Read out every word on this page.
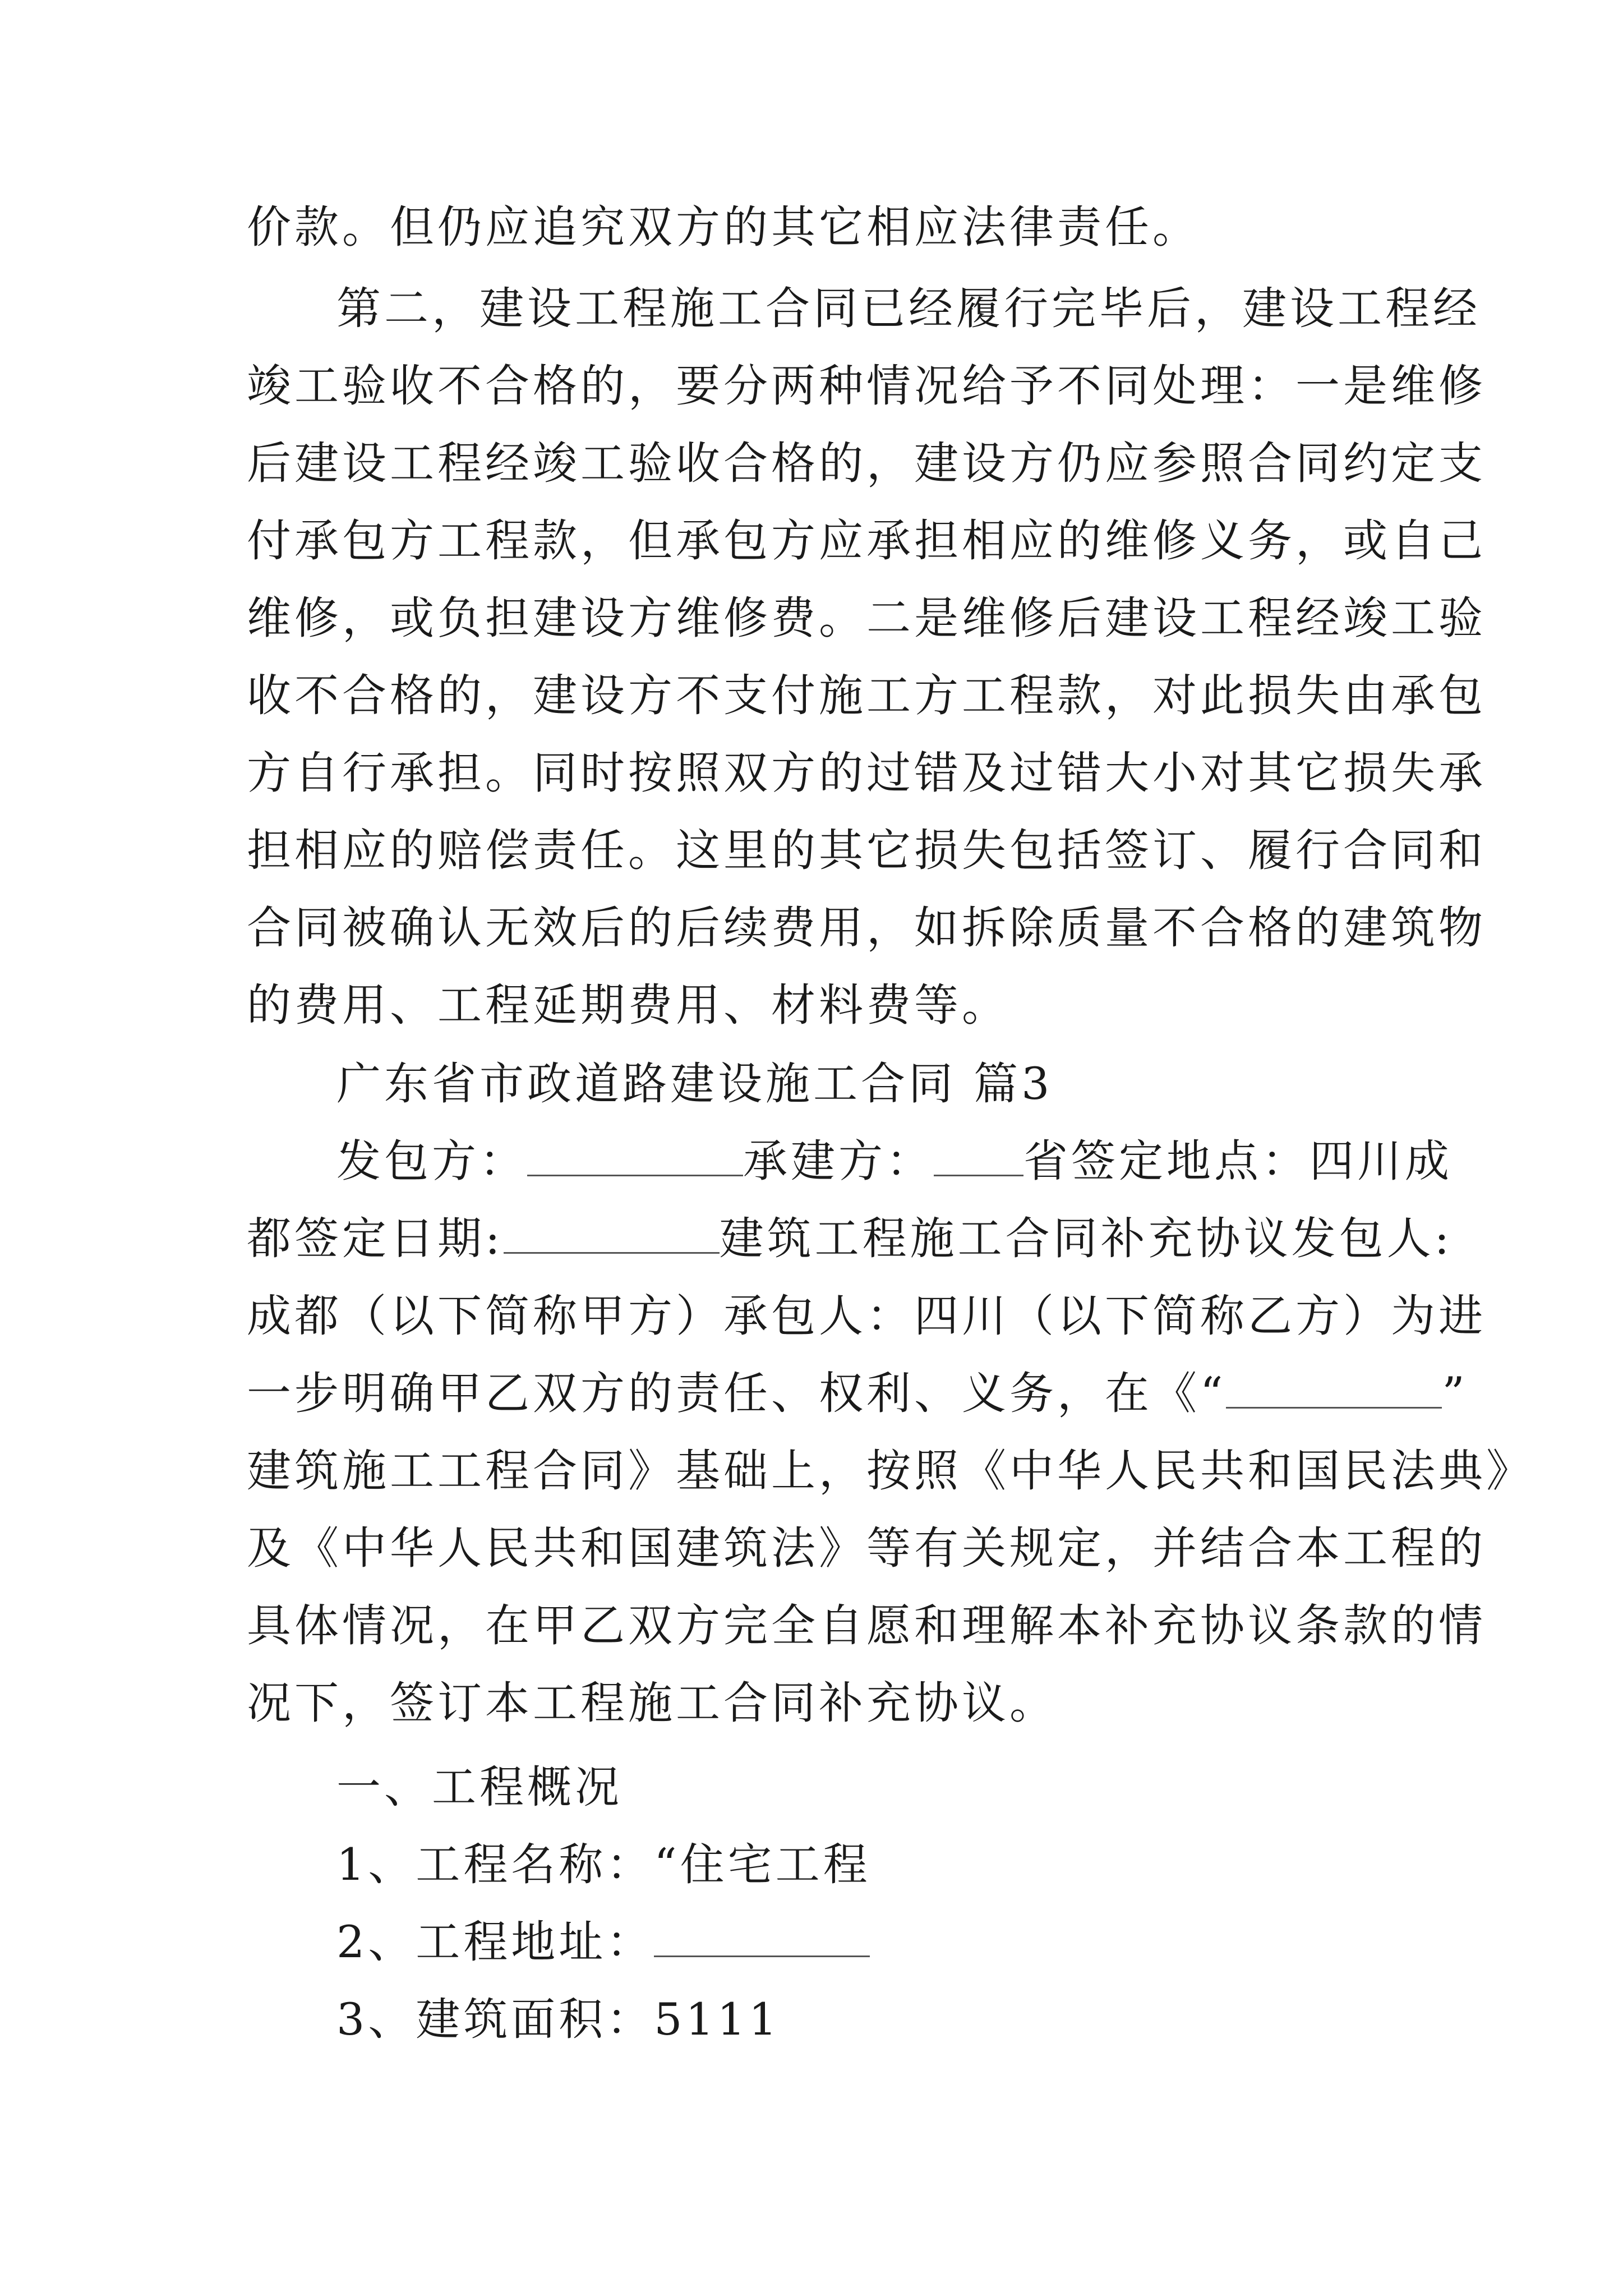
价款。但仍应追究双方的其它相应法律责任。
第二，建设工程施工合同已经履行完毕后，建设工程经
竣工验收不合格的，要分两种情况给予不同处理：一是维修
后建设工程经竣工验收合格的，建设方仍应参照合同约定支
付承包方工程款，但承包方应承担相应的维修义务，或自己
维修，或负担建设方维修费。二是维修后建设工程经竣工验
收不合格的，建设方不支付施工方工程款，对此损失由承包
方自行承担。同时按照双方的过错及过错大小对其它损失承
担相应的赔偿责任。这里的其它损失包括签订、履行合同和
合同被确认无效后的后续费用，如拆除质量不合格的建筑物
的费用、工程延期费用、材料费等。
广东省市政道路建设施工合同 篇3
发包方：	承建方： 省签定地点：四川成
都签定日期:	建筑工程施工合同补充协议发包人:
成都（以下简称甲方）承包人：四川（以下简称乙方）为进
一步明确甲乙双方的责任、权利、义务，在《“	”
建筑施工工程合同》基础上，按照《中华人民共和国民法典》
及《中华人民共和国建筑法》等有关规定，并结合本工程的
具体情况，在甲乙双方完全自愿和理解本补充协议条款的情
况下，签订本工程施工合同补充协议。
一、工程概况
1、工程名称：“住宅工程
2、工程地址：
3、建筑面积：5111
